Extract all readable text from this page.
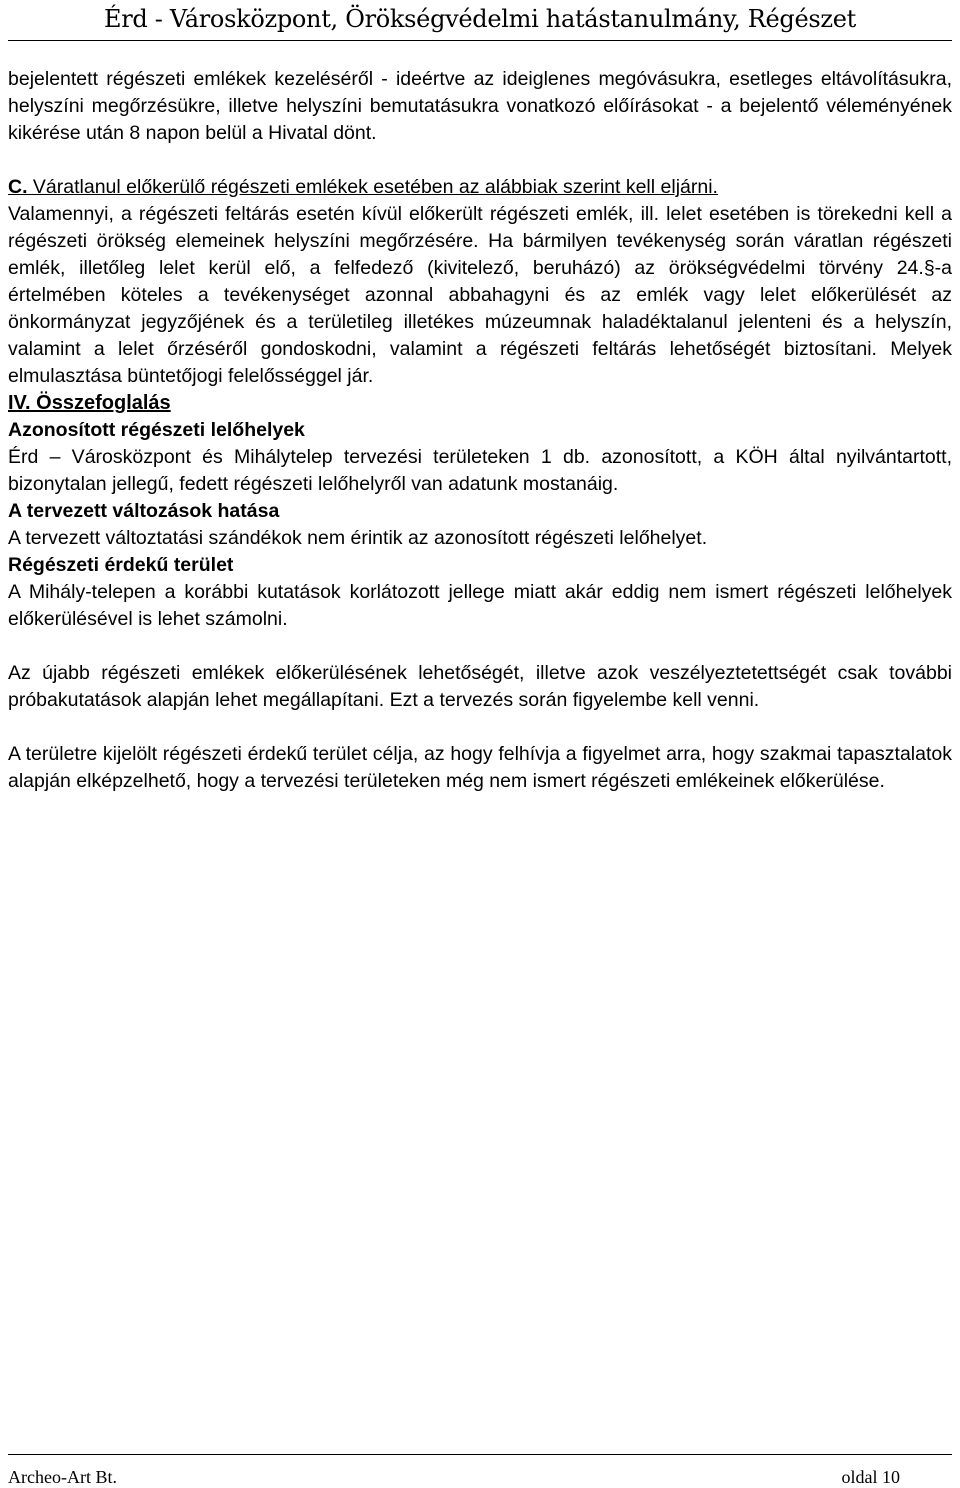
Érd - Városközpont, Örökségvédelmi hatástanulmány, Régészet

bejelentett régészeti emlékek kezeléséről - ideértve az ideiglenes megóvásukra, esetleges eltávolításukra, helyszíni megőrzésükre, illetve helyszíni bemutatásukra vonatkozó előírásokat - a bejelentő véleményének kikérése után 8 napon belül a Hivatal dönt.

C. Váratlanul előkerülő régészeti emlékek esetében az alábbiak szerint kell eljárni.

Valamennyi, a régészeti feltárás esetén kívül előkerült régészeti emlék, ill. lelet esetében is törekedni kell a régészeti örökség elemeinek helyszíni megőrzésére. Ha bármilyen tevékenység során váratlan régészeti emlék, illetőleg lelet kerül elő, a felfedező (kivitelező, beruházó) az örökségvédelmi törvény 24.§-a értelmében köteles a tevékenységet azonnal abbahagyni és az emlék vagy lelet előkerülését az önkormányzat jegyzőjének és a területileg illetékes múzeumnak haladéktalanul jelenteni és a helyszín, valamint a lelet őrzéséről gondoskodni, valamint a régészeti feltárás lehetőségét biztosítani. Melyek elmulasztása büntetőjogi felelősséggel jár.

IV. Összefoglalás

Azonosított régészeti lelőhelyek

Érd – Városközpont és Mihálytelep tervezési területeken 1 db. azonosított, a KÖH által nyilvántartott, bizonytalan jellegű, fedett régészeti lelőhelyről van adatunk mostanáig.

A tervezett változások hatása

A tervezett változtatási szándékok nem érintik az azonosított régészeti lelőhelyet.

Régészeti érdekű terület

A Mihály-telepen a korábbi kutatások korlátozott jellege miatt akár eddig nem ismert régészeti lelőhelyek előkerülésével is lehet számolni.

Az újabb régészeti emlékek előkerülésének lehetőségét, illetve azok veszélyeztetettségét csak további próbakutatások alapján lehet megállapítani. Ezt a tervezés során figyelembe kell venni.

A területre kijelölt régészeti érdekű terület célja, az hogy felhívja a figyelmet arra, hogy szakmai tapasztalatok alapján elképzelhető, hogy a tervezési területeken még nem ismert régészeti emlékeinek előkerülése.

Archeo-Art Bt.	oldal 10
